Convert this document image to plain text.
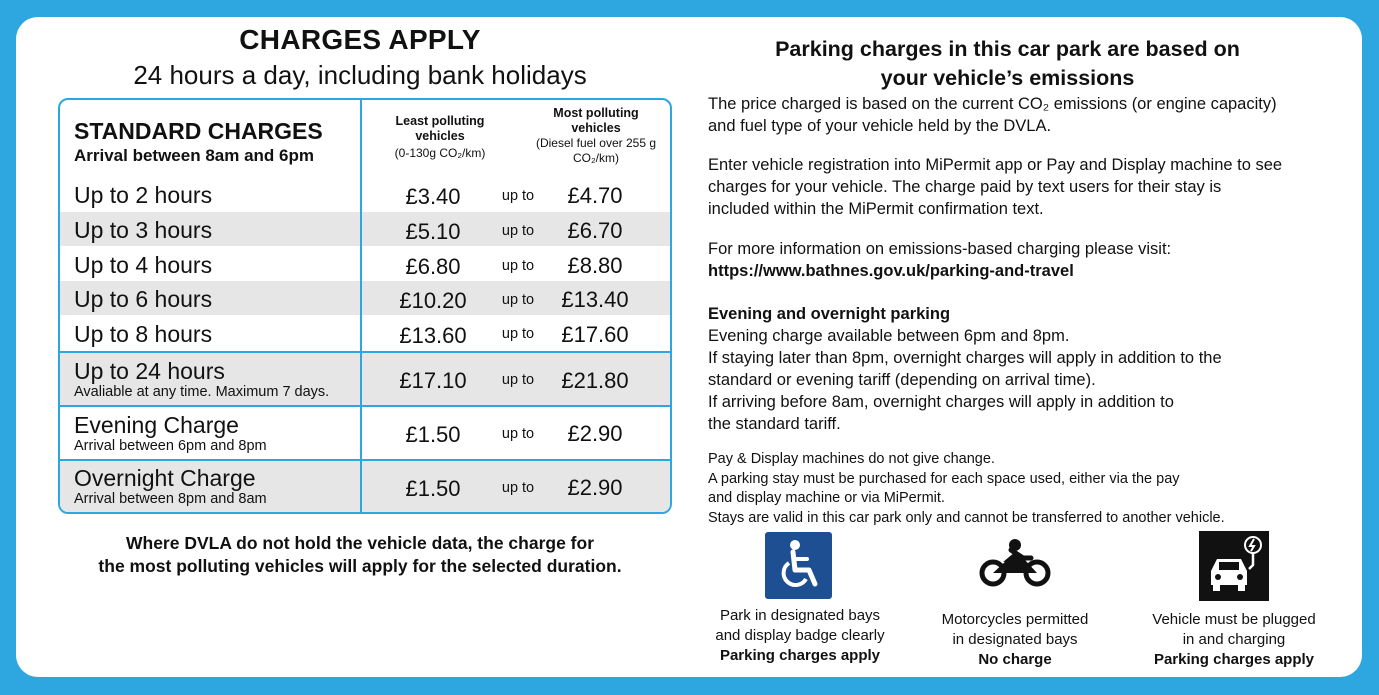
CHARGES APPLY
24 hours a day, including bank holidays
STANDARD CHARGES
Arrival between 8am and 6pm
Least polluting vehicles
(0-130g CO₂/km)
Most polluting vehicles
(Diesel fuel over 255 g CO₂/km)
Up to 2 hours	£3.40	up to	£4.70
Up to 3 hours	£5.10	up to	£6.70
Up to 4 hours	£6.80	up to	£8.80
Up to 6 hours	£10.20	up to	£13.40
Up to 8 hours	£13.60	up to	£17.60
Up to 24 hours
Avaliable at any time. Maximum 7 days.	£17.10	up to	£21.80
Evening Charge
Arrival between 6pm and 8pm	£1.50	up to	£2.90
Overnight Charge
Arrival between 8pm and 8am	£1.50	up to	£2.90
Where DVLA do not hold the vehicle data, the charge for
the most polluting vehicles will apply for the selected duration.
Parking charges in this car park are based on
your vehicle’s emissions
The price charged is based on the current CO₂ emissions (or engine capacity)
and fuel type of your vehicle held by the DVLA.
Enter vehicle registration into MiPermit app or Pay and Display machine to see
charges for your vehicle. The charge paid by text users for their stay is
included within the MiPermit confirmation text.
For more information on emissions-based charging please visit:
https://www.bathnes.gov.uk/parking-and-travel
Evening and overnight parking
Evening charge available between 6pm and 8pm.
If staying later than 8pm, overnight charges will apply in addition to the
standard or evening tariff (depending on arrival time).
If arriving before 8am, overnight charges will apply in addition to
the standard tariff.
Pay & Display machines do not give change.
A parking stay must be purchased for each space used, either via the pay
and display machine or via MiPermit.
Stays are valid in this car park only and cannot be transferred to another vehicle.
Park in designated bays
and display badge clearly
Parking charges apply
Motorcycles permitted
in designated bays
No charge
Vehicle must be plugged
in and charging
Parking charges apply
